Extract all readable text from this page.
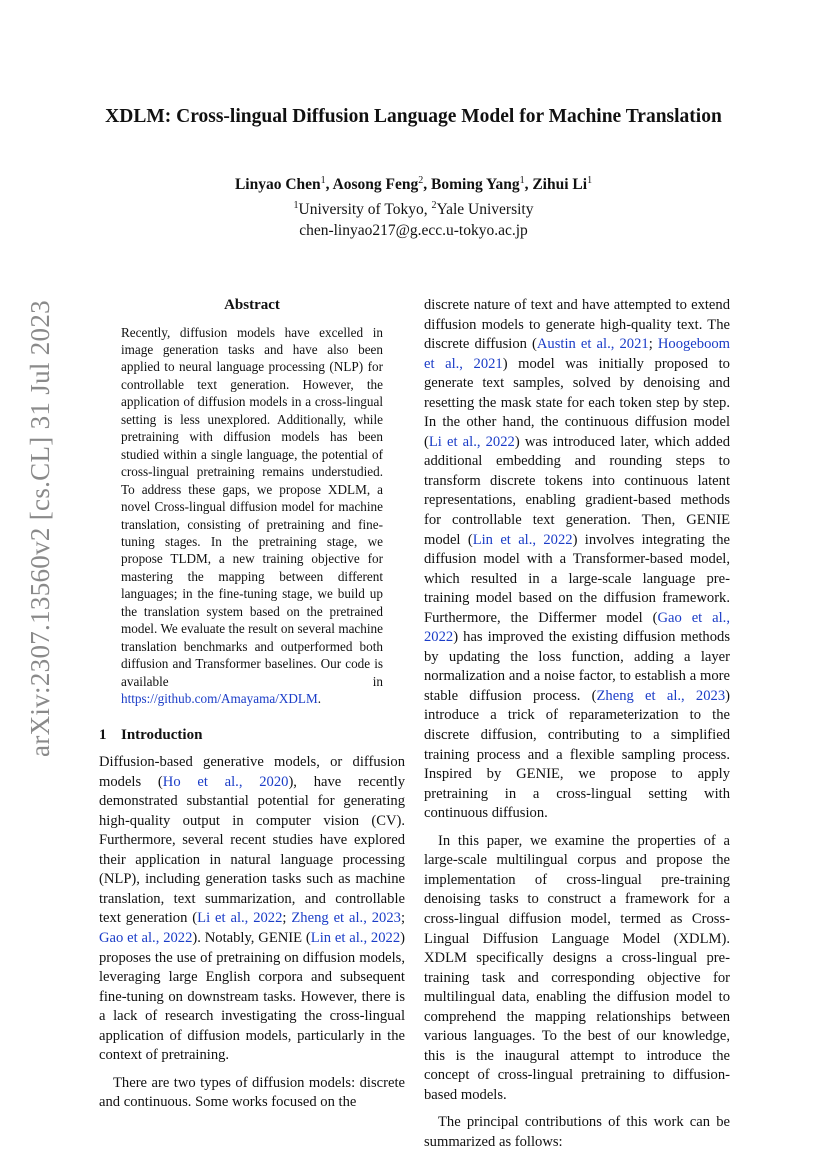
arXiv:2307.13560v2 [cs.CL] 31 Jul 2023
XDLM: Cross-lingual Diffusion Language Model for Machine Translation
Linyao Chen$^1$, Aosong Feng$^2$, Boming Yang$^1$, Zihui Li$^1$
$^1$University of Tokyo, $^2$Yale University
chen-linyao217@g.ecc.u-tokyo.ac.jp
Abstract

Recently, diffusion models have excelled in image generation tasks and have also been applied to neural language processing (NLP) for controllable text generation. However, the application of diffusion models in a cross-lingual setting is less unexplored. Additionally, while pretraining with diffusion models has been studied within a single language, the potential of cross-lingual pretraining remains understudied. To address these gaps, we propose XDLM, a novel Cross-lingual diffusion model for machine translation, consisting of pretraining and fine-tuning stages. In the pretraining stage, we propose TLDM, a new training objective for mastering the mapping between different languages; in the fine-tuning stage, we build up the translation system based on the pretrained model. We evaluate the result on several machine translation benchmarks and outperformed both diffusion and Transformer baselines. Our code is available in https://github.com/Amayama/XDLM.

1 Introduction

Diffusion-based generative models, or diffusion models (Ho et al., 2020), have recently demonstrated substantial potential for generating high-quality output in computer vision (CV). Furthermore, several recent studies have explored their application in natural language processing (NLP), including generation tasks such as machine translation, text summarization, and controllable text generation (Li et al., 2022; Zheng et al., 2023; Gao et al., 2022). Notably, GENIE (Lin et al., 2022) proposes the use of pretraining on diffusion models, leveraging large English corpora and subsequent fine-tuning on downstream tasks. However, there is a lack of research investigating the cross-lingual application of diffusion models, particularly in the context of pretraining.

There are two types of diffusion models: discrete and continuous. Some works focused on the

discrete nature of text and have attempted to extend diffusion models to generate high-quality text. The discrete diffusion (Austin et al., 2021; Hoogeboom et al., 2021) model was initially proposed to generate text samples, solved by denoising and resetting the mask state for each token step by step. In the other hand, the continuous diffusion model (Li et al., 2022) was introduced later, which added additional embedding and rounding steps to transform discrete tokens into continuous latent representations, enabling gradient-based methods for controllable text generation. Then, GENIE model (Lin et al., 2022) involves integrating the diffusion model with a Transformer-based model, which resulted in a large-scale language pre-training model based on the diffusion framework. Furthermore, the Differmer model (Gao et al., 2022) has improved the existing diffusion methods by updating the loss function, adding a layer normalization and a noise factor, to establish a more stable diffusion process. (Zheng et al., 2023) introduce a trick of reparameterization to the discrete diffusion, contributing to a simplified training process and a flexible sampling process. Inspired by GENIE, we propose to apply pretraining in a cross-lingual setting with continuous diffusion.

In this paper, we examine the properties of a large-scale multilingual corpus and propose the implementation of cross-lingual pre-training denoising tasks to construct a framework for a cross-lingual diffusion model, termed as Cross-Lingual Diffusion Language Model (XDLM). XDLM specifically designs a cross-lingual pre-training task and corresponding objective for multilingual data, enabling the diffusion model to comprehend the mapping relationships between various languages. To the best of our knowledge, this is the inaugural attempt to introduce the concept of cross-lingual pretraining to diffusion-based models.

The principal contributions of this work can be summarized as follows:
